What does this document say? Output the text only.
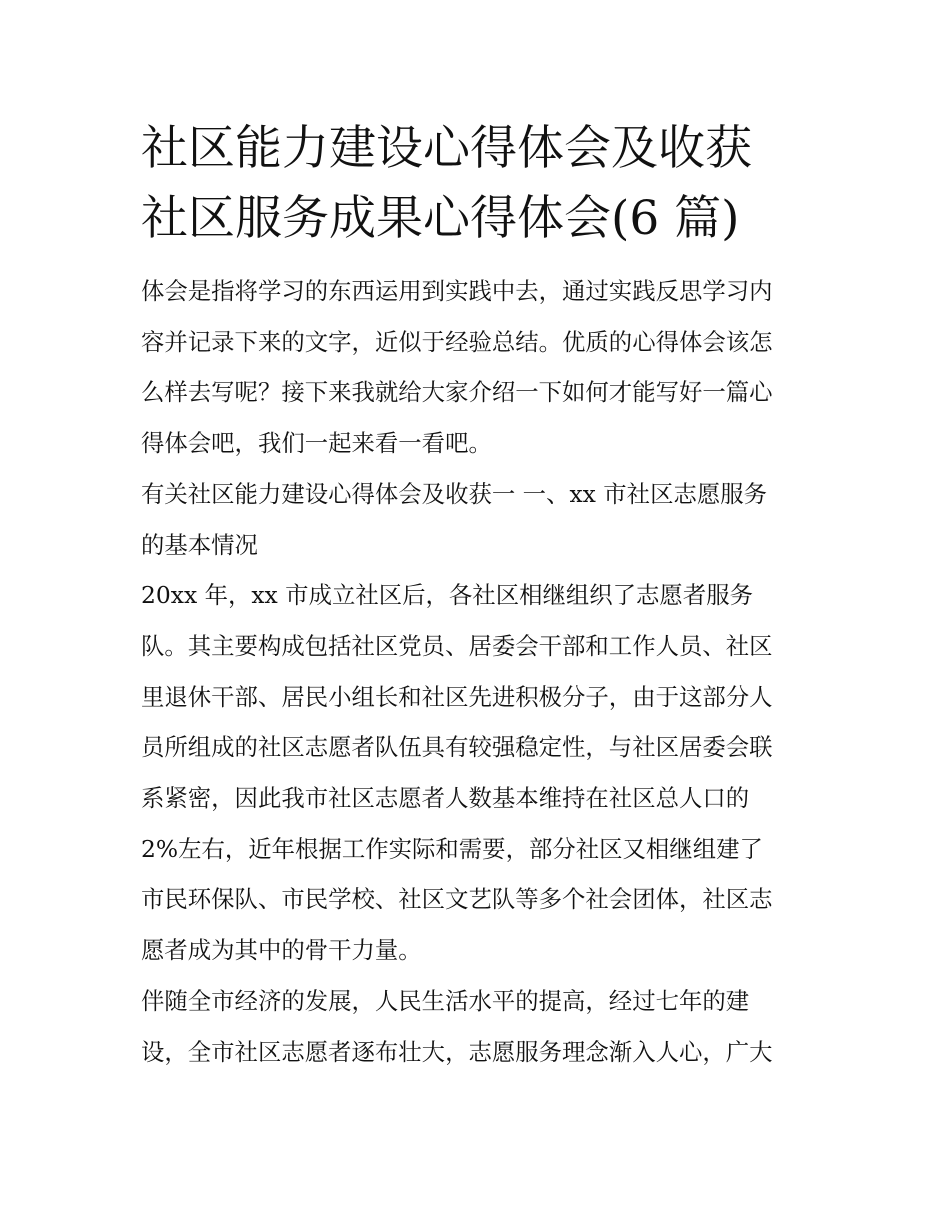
社区能力建设心得体会及收获
社区服务成果心得体会(6 篇)
体会是指将学习的东西运用到实践中去，通过实践反思学习内
容并记录下来的文字，近似于经验总结。优质的心得体会该怎
么样去写呢？接下来我就给大家介绍一下如何才能写好一篇心
得体会吧，我们一起来看一看吧。
有关社区能力建设心得体会及收获一 一、xx 市社区志愿服务
的基本情况
20xx 年，xx 市成立社区后，各社区相继组织了志愿者服务
队。其主要构成包括社区党员、居委会干部和工作人员、社区
里退休干部、居民小组长和社区先进积极分子，由于这部分人
员所组成的社区志愿者队伍具有较强稳定性，与社区居委会联
系紧密，因此我市社区志愿者人数基本维持在社区总人口的
2%左右，近年根据工作实际和需要，部分社区又相继组建了
市民环保队、市民学校、社区文艺队等多个社会团体，社区志
愿者成为其中的骨干力量。
伴随全市经济的发展，人民生活水平的提高，经过七年的建
设，全市社区志愿者逐布壮大，志愿服务理念渐入人心，广大
